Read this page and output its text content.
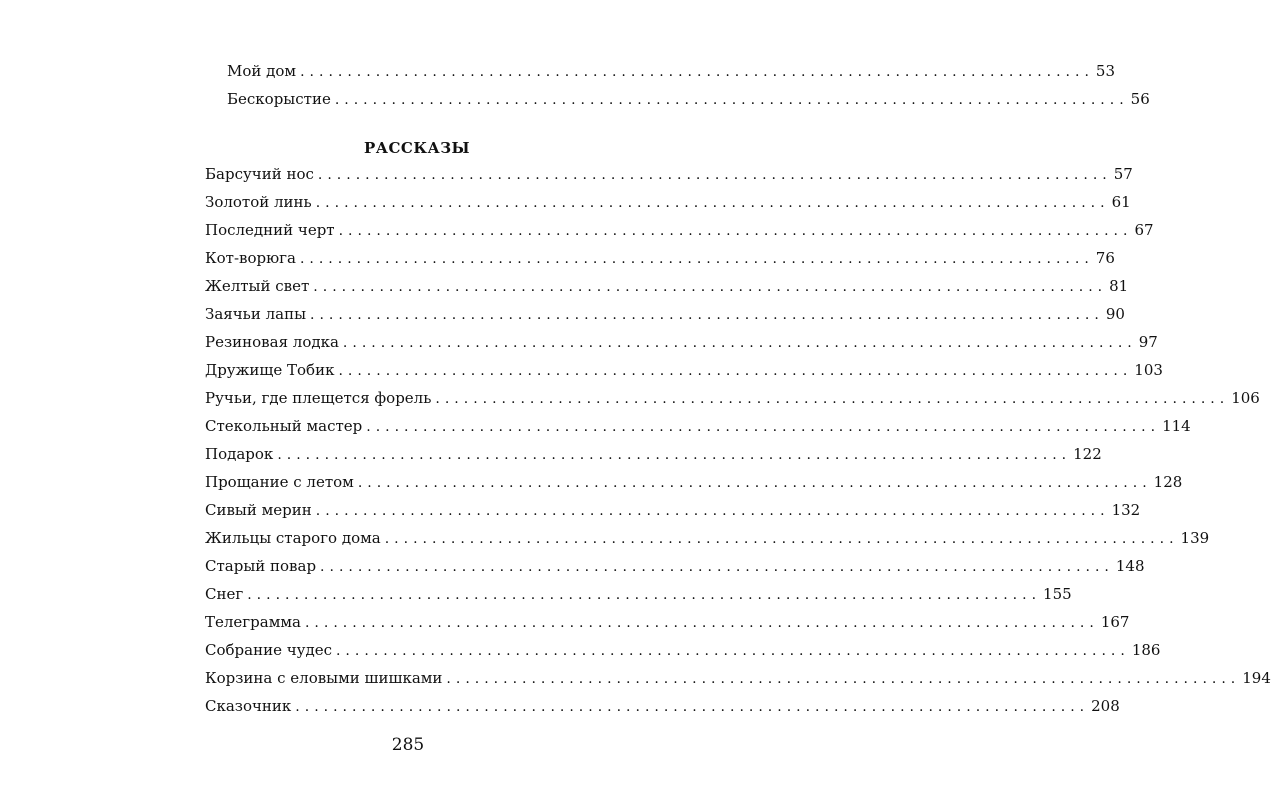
Мой дом .................................................................................... 53
Бескорыстие .................................................................................... 56
РАССКАЗЫ
Барсучий нос .................................................................................... 57
Золотой линь .................................................................................... 61
Последний черт .................................................................................... 67
Кот-ворюга .................................................................................... 76
Желтый свет .................................................................................... 81
Заячьи лапы .................................................................................... 90
Резиновая лодка .................................................................................... 97
Дружище Тобик .................................................................................... 103
Ручьи, где плещется форель .................................................................................... 106
Стекольный мастер .................................................................................... 114
Подарок .................................................................................... 122
Прощание с летом .................................................................................... 128
Сивый мерин .................................................................................... 132
Жильцы старого дома .................................................................................... 139
Старый повар .................................................................................... 148
Снег .................................................................................... 155
Телеграмма .................................................................................... 167
Собрание чудес .................................................................................... 186
Корзина с еловыми шишками .................................................................................... 194
Сказочник .................................................................................... 208
285
